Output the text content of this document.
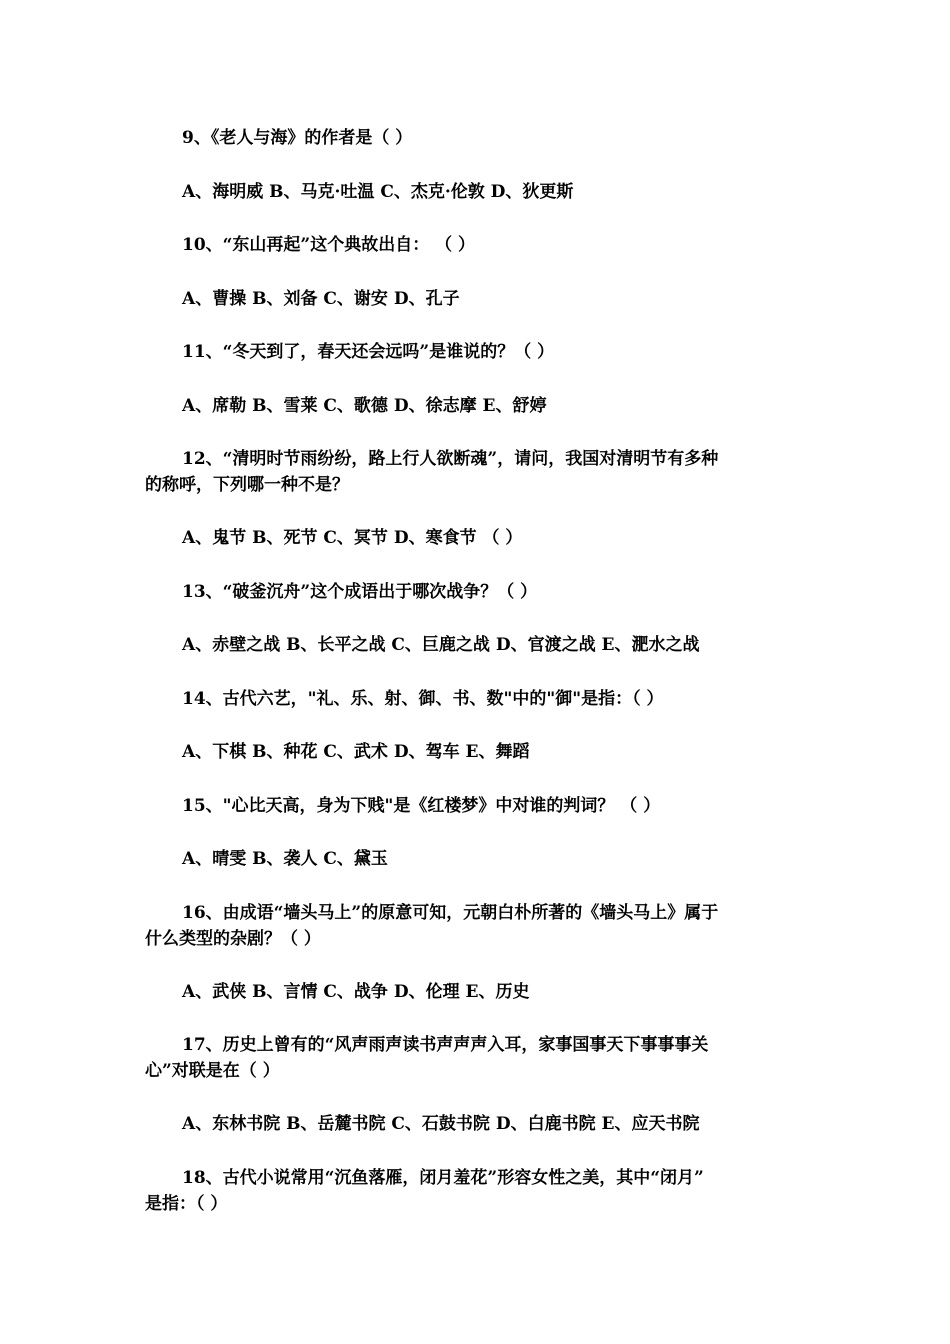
9、《老人与海》的作者是（ ）
A、海明威 B、马克·吐温 C、杰克·伦敦 D、狄更斯
10、“东山再起”这个典故出自： （ ）
A、曹操 B、刘备 C、谢安 D、孔子
11、“冬天到了，春天还会远吗”是谁说的？（ ）
A、席勒 B、雪莱 C、歌德 D、徐志摩 E、舒婷
12、“清明时节雨纷纷，路上行人欲断魂”，请问，我国对清明节有多种
的称呼，下列哪一种不是？
A、鬼节 B、死节 C、冥节 D、寒食节 （ ）
13、“破釜沉舟”这个成语出于哪次战争？（ ）
A、赤壁之战 B、长平之战 C、巨鹿之战 D、官渡之战 E、淝水之战
14、古代六艺，"礼、乐、射、御、书、数"中的"御"是指：（ ）
A、下棋 B、种花 C、武术 D、驾车 E、舞蹈
15、"心比天高，身为下贱"是《红楼梦》中对谁的判词？ （ ）
A、晴雯 B、袭人 C、黛玉
16、由成语“墙头马上”的原意可知，元朝白朴所著的《墙头马上》属于
什么类型的杂剧？（ ）
A、武侠 B、言情 C、战争 D、伦理 E、历史
17、历史上曾有的“风声雨声读书声声声入耳，家事国事天下事事事关
心”对联是在（ ）
A、东林书院 B、岳麓书院 C、石鼓书院 D、白鹿书院 E、应天书院
18、古代小说常用“沉鱼落雁，闭月羞花”形容女性之美，其中“闭月”
是指：（ ）
